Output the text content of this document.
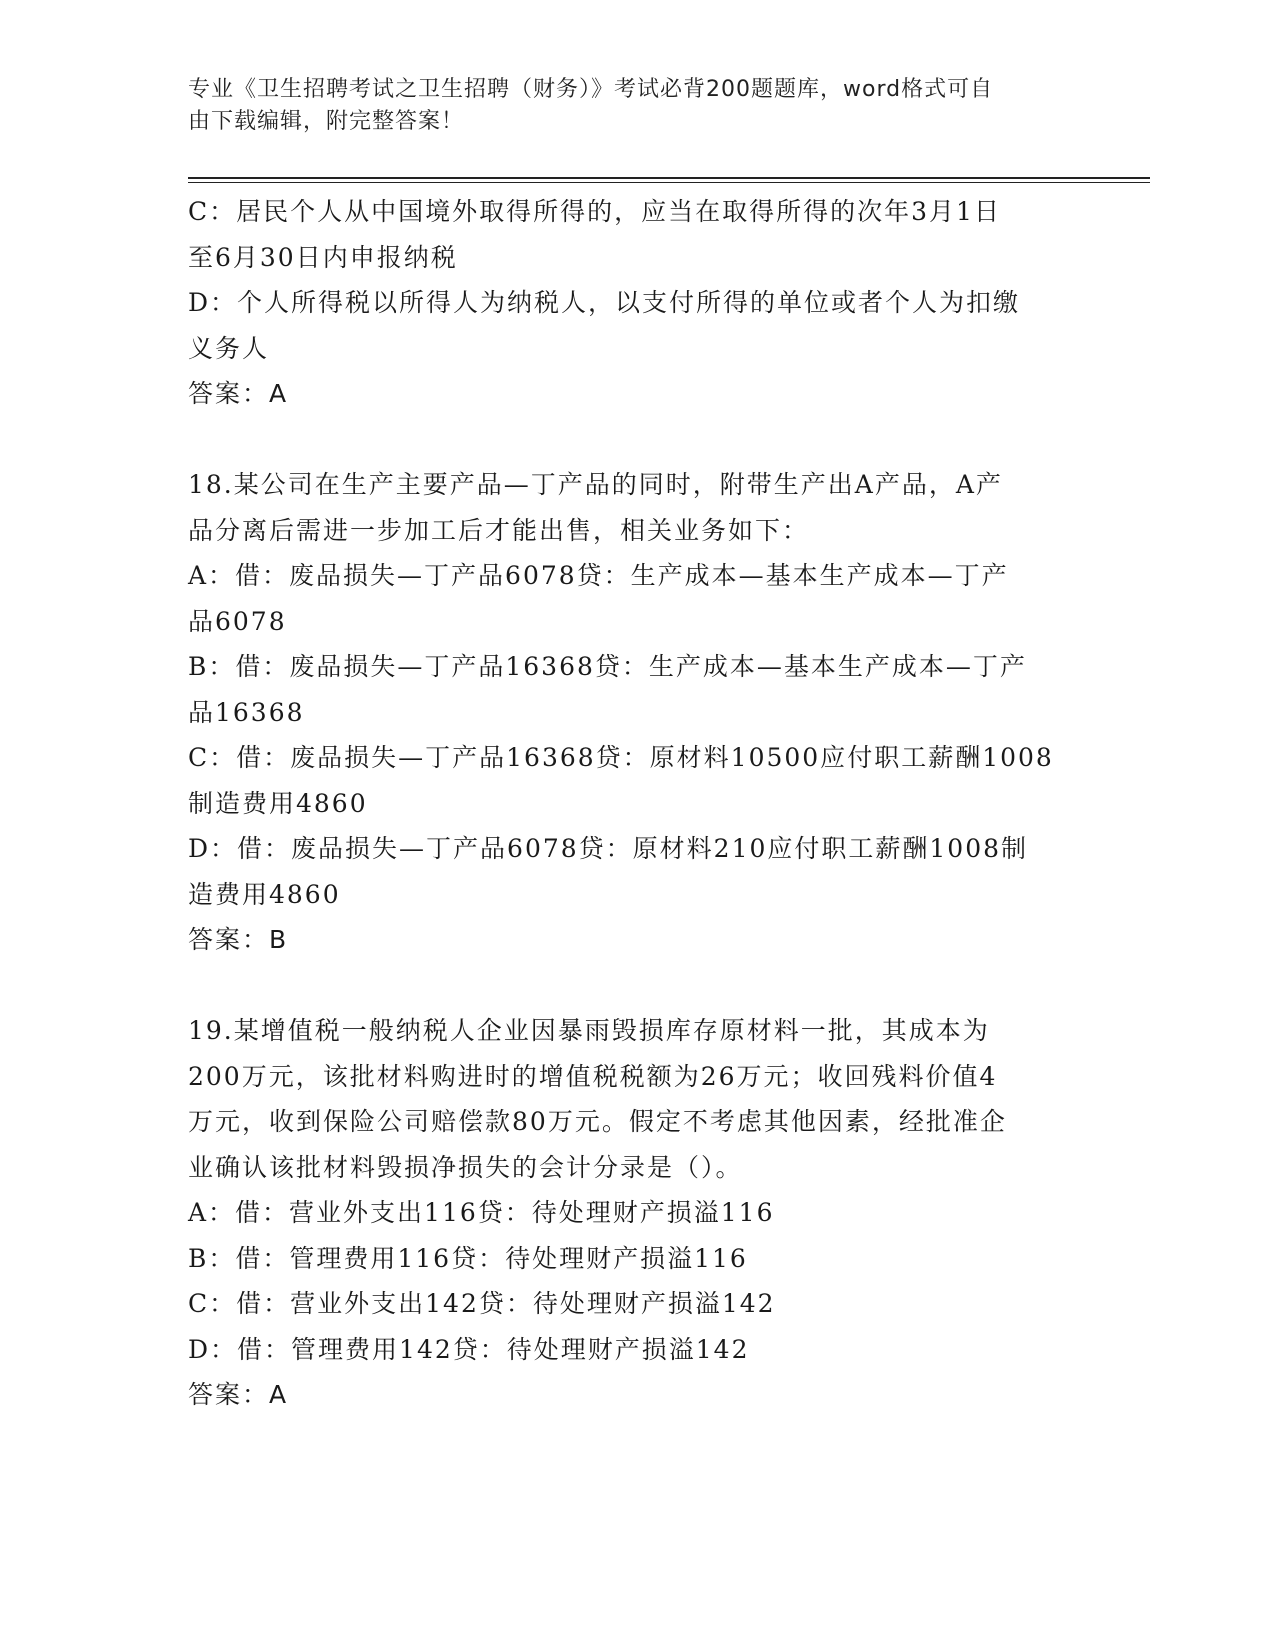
专业《卫生招聘考试之卫生招聘（财务）》考试必背200题题库，word格式可自
由下载编辑，附完整答案！
C：居民个人从中国境外取得所得的，应当在取得所得的次年3月1日
至6月30日内申报纳税
D：个人所得税以所得人为纳税人，以支付所得的单位或者个人为扣缴
义务人
答案：A
18.某公司在生产主要产品—丁产品的同时，附带生产出A产品，A产
品分离后需进一步加工后才能出售，相关业务如下：
A：借：废品损失—丁产品6078贷：生产成本—基本生产成本—丁产
品6078
B：借：废品损失—丁产品16368贷：生产成本—基本生产成本—丁产
品16368
C：借：废品损失—丁产品16368贷：原材料10500应付职工薪酬1008
制造费用4860
D：借：废品损失—丁产品6078贷：原材料210应付职工薪酬1008制
造费用4860
答案：B
19.某增值税一般纳税人企业因暴雨毁损库存原材料一批，其成本为
200万元，该批材料购进时的增值税税额为26万元；收回残料价值4
万元，收到保险公司赔偿款80万元。假定不考虑其他因素，经批准企
业确认该批材料毁损净损失的会计分录是（）。
A：借：营业外支出116贷：待处理财产损溢116
B：借：管理费用116贷：待处理财产损溢116
C：借：营业外支出142贷：待处理财产损溢142
D：借：管理费用142贷：待处理财产损溢142
答案：A
